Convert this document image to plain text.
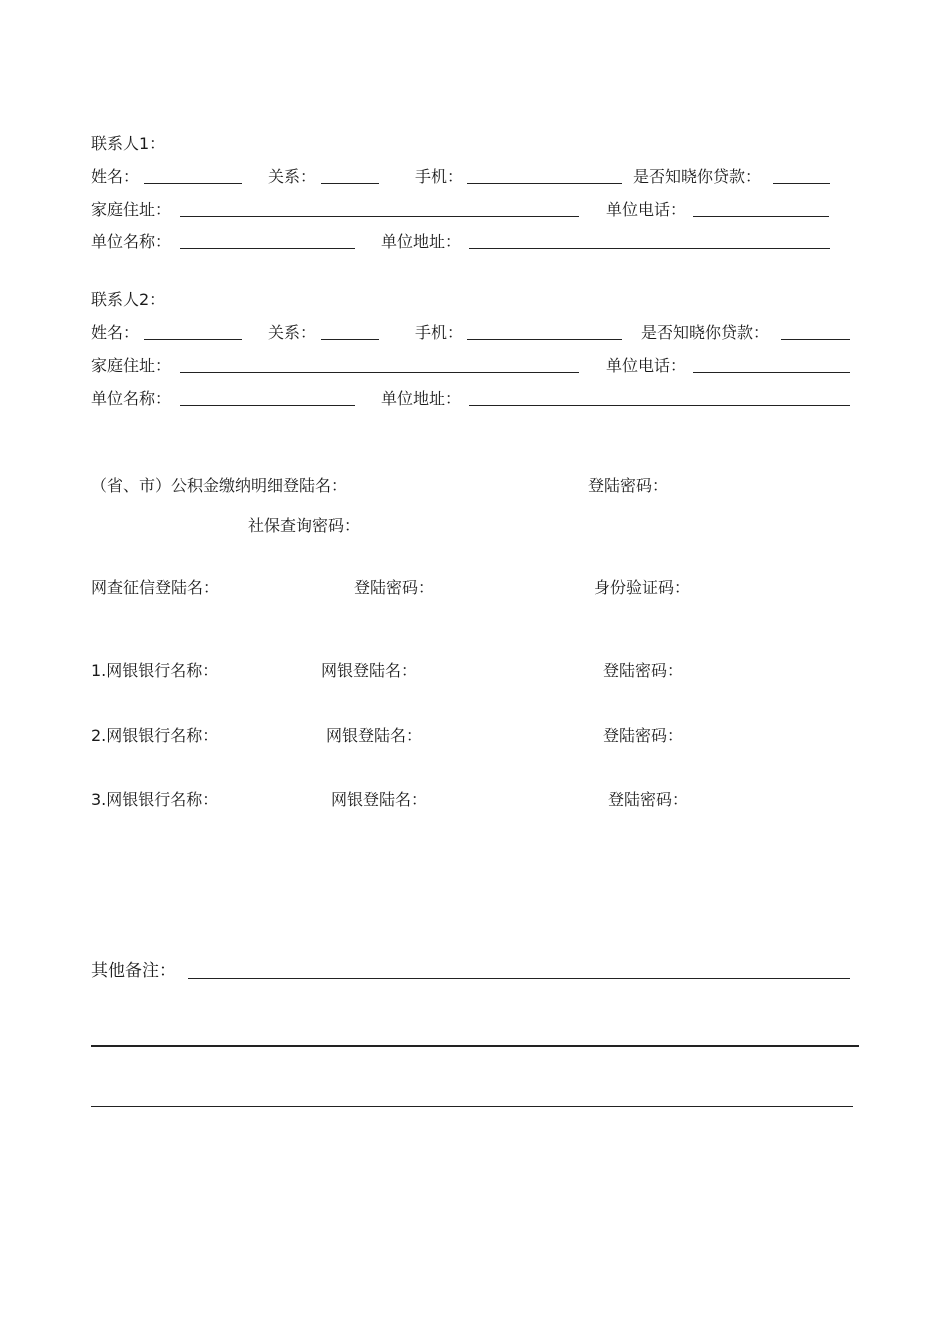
联系人1：
姓名：	关系：	手机：	是否知晓你贷款：
家庭住址：	单位电话：
单位名称：	单位地址：
联系人2：
姓名：	关系：	手机：	是否知晓你贷款：
家庭住址：	单位电话：
单位名称：	单位地址：
（省、市）公积金缴纳明细登陆名：	登陆密码：
社保查询密码：
网查征信登陆名：	登陆密码：	身份验证码：
1.网银银行名称：	网银登陆名：	登陆密码：
2.网银银行名称：	网银登陆名：	登陆密码：
3.网银银行名称：	网银登陆名：	登陆密码：
其他备注：
